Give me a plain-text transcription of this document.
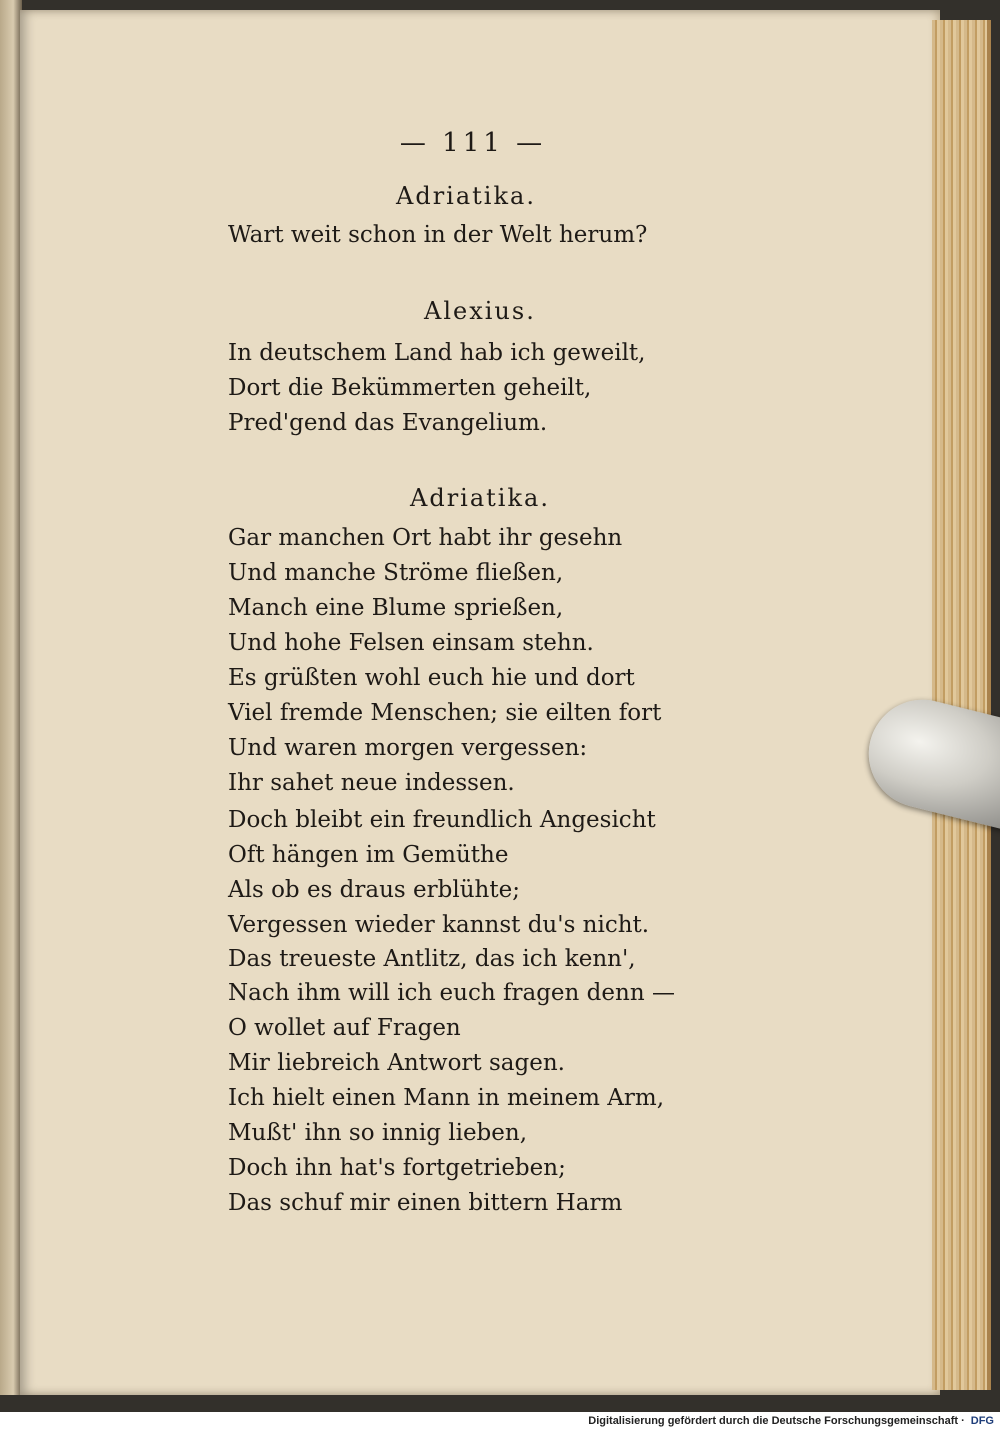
— 111 —
Adriatika.
Wart weit schon in der Welt herum?
Alexius.
In deutschem Land hab ich geweilt,
Dort die Bekümmerten geheilt,
Pred'gend das Evangelium.
Adriatika.
Gar manchen Ort habt ihr gesehn
Und manche Ströme fließen,
Manch eine Blume sprießen,
Und hohe Felsen einsam stehn.
Es grüßten wohl euch hie und dort
Viel fremde Menschen; sie eilten fort
Und waren morgen vergessen:
Ihr sahet neue indessen.
Doch bleibt ein freundlich Angesicht
Oft hängen im Gemüthe
Als ob es draus erblühte;
Vergessen wieder kannst du's nicht.
Das treueste Antlitz, das ich kenn',
Nach ihm will ich euch fragen denn —
O wollet auf Fragen
Mir liebreich Antwort sagen.
Ich hielt einen Mann in meinem Arm,
Mußt' ihn so innig lieben,
Doch ihn hat's fortgetrieben;
Das schuf mir einen bittern Harm
Digitalisierung gefördert durch die Deutsche Forschungsgemeinschaft · DFG
